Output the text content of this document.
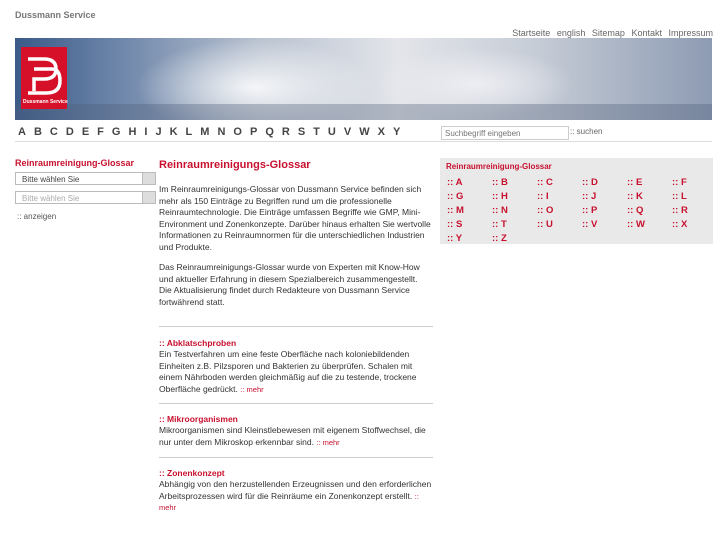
Dussmann Service
Startseite english Sitemap Kontakt Impressum
Dussmann Service
A B C D E F G H I J K L M N O P Q R S T U V W X Y
Suchbegriff eingeben	:: suchen
Reinraumreinigung-Glossar
Bitte wählen Sie
Bitte wählen Sie
:: anzeigen
Reinraumreinigungs-Glossar

Im Reinraumreinigungs-Glossar von Dussmann Service befinden sich mehr als 150 Einträge zu Begriffen rund um die professionelle Reinraumtechnologie. Die Einträge umfassen Begriffe wie GMP, Mini-Environment und Zonenkonzepte. Darüber hinaus erhalten Sie wertvolle Informationen zu Reinraumnormen für die unterschiedlichen Industrien und Produkte.

Das Reinraumreinigungs-Glossar wurde von Experten mit Know-How und aktueller Erfahrung in diesem Spezialbereich zusammengestellt.
Die Aktualisierung findet durch Redakteure von Dussmann Service fortwährend statt.

:: Abklatschproben

Ein Testverfahren um eine feste Oberfläche nach koloniebildenden Einheiten z.B. Pilzsporen und Bakterien zu überprüfen. Schalen mit einem Nährboden werden gleichmäßig auf die zu testende, trockene Oberfläche gedrückt. :: mehr

:: Mikroorganismen

Mikroorganismen sind Kleinstlebewesen mit eigenem Stoffwechsel, die nur unter dem Mikroskop erkennbar sind. :: mehr

:: Zonenkonzept

Abhängig von den herzustellenden Erzeugnissen und den erforderlichen Arbeitsprozessen wird für die Reinräume ein Zonenkonzept erstellt. :: mehr

Reinraumreinigung-Glossar
:: A	:: B	:: C	:: D	:: E	:: F
:: G	:: H	:: I	:: J	:: K	:: L
:: M	:: N	:: O	:: P	:: Q	:: R
:: S	:: T	:: U	:: V	:: W	:: X
:: Y	:: Z
